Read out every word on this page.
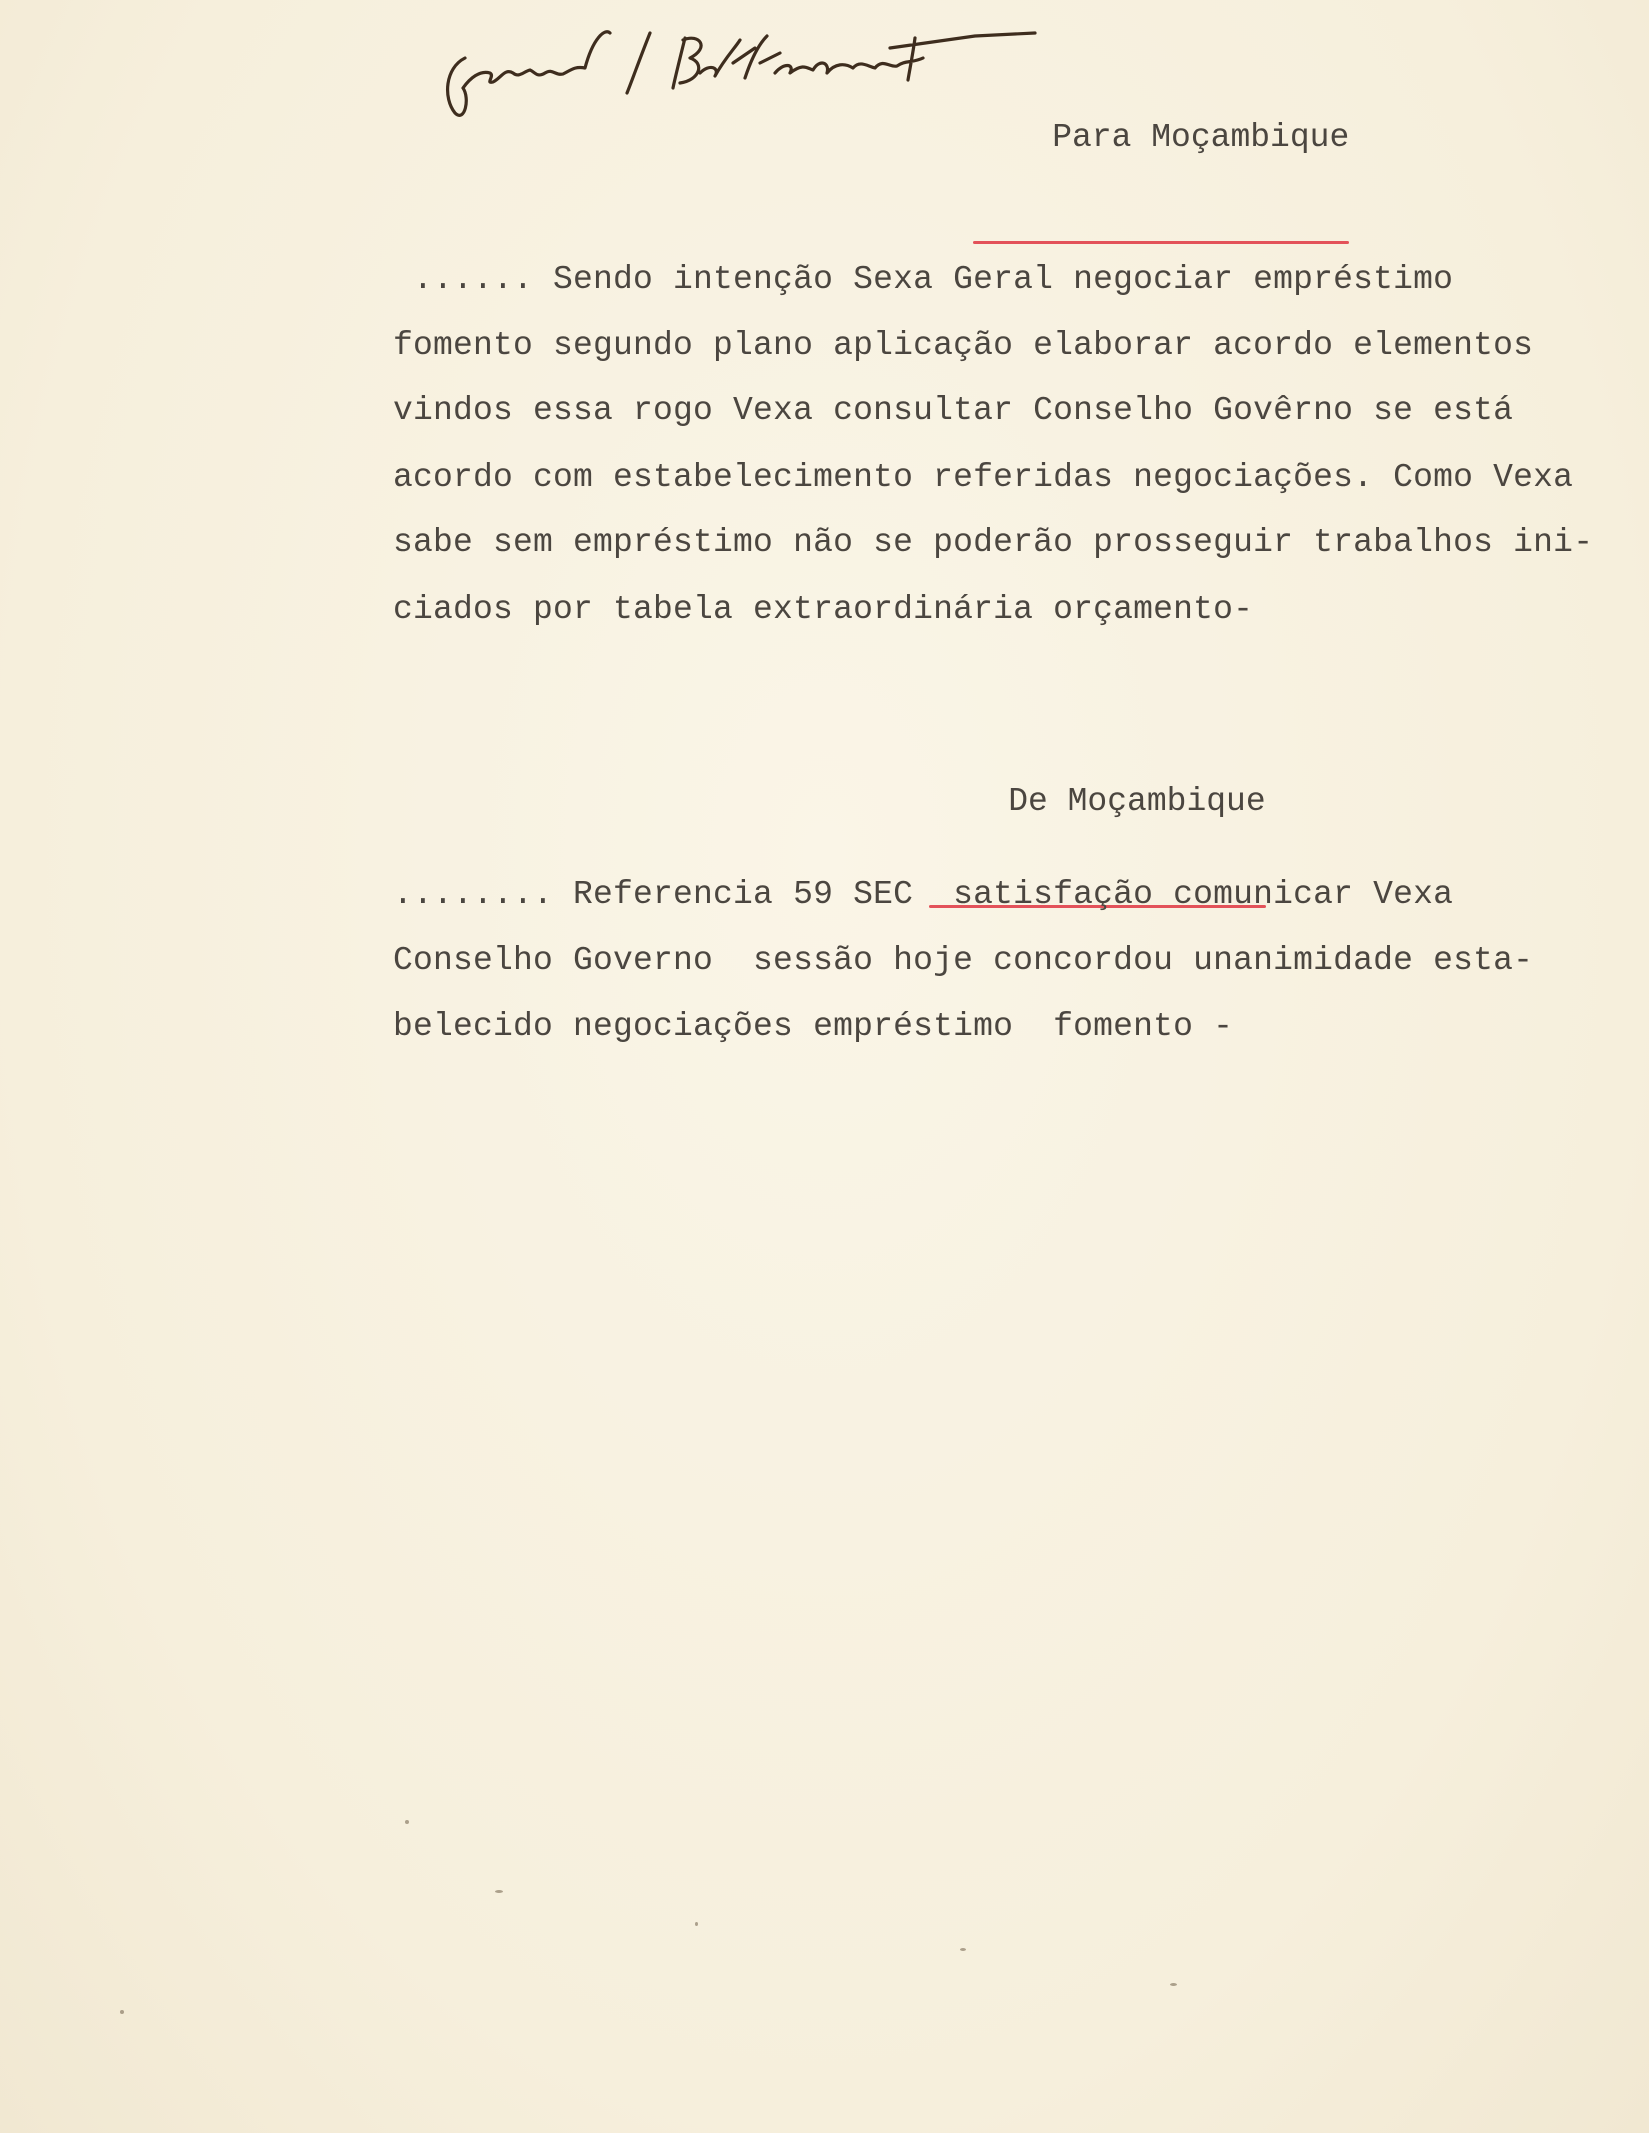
Para Moçambique

...... Sendo intenção Sexa Geral negociar empréstimo
fomento segundo plano aplicação elaborar acordo elementos
vindos essa rogo Vexa consultar Conselho Govêrno se está
acordo com estabelecimento referidas negociações. Como Vexa
sabe sem empréstimo não se poderão prosseguir trabalhos ini-
ciados por tabela extraordinária orçamento-

De Moçambique

........ Referencia 59 SEC  satisfação comunicar Vexa
Conselho Governo  sessão hoje concordou unanimidade esta-
belecido negociações empréstimo  fomento -
